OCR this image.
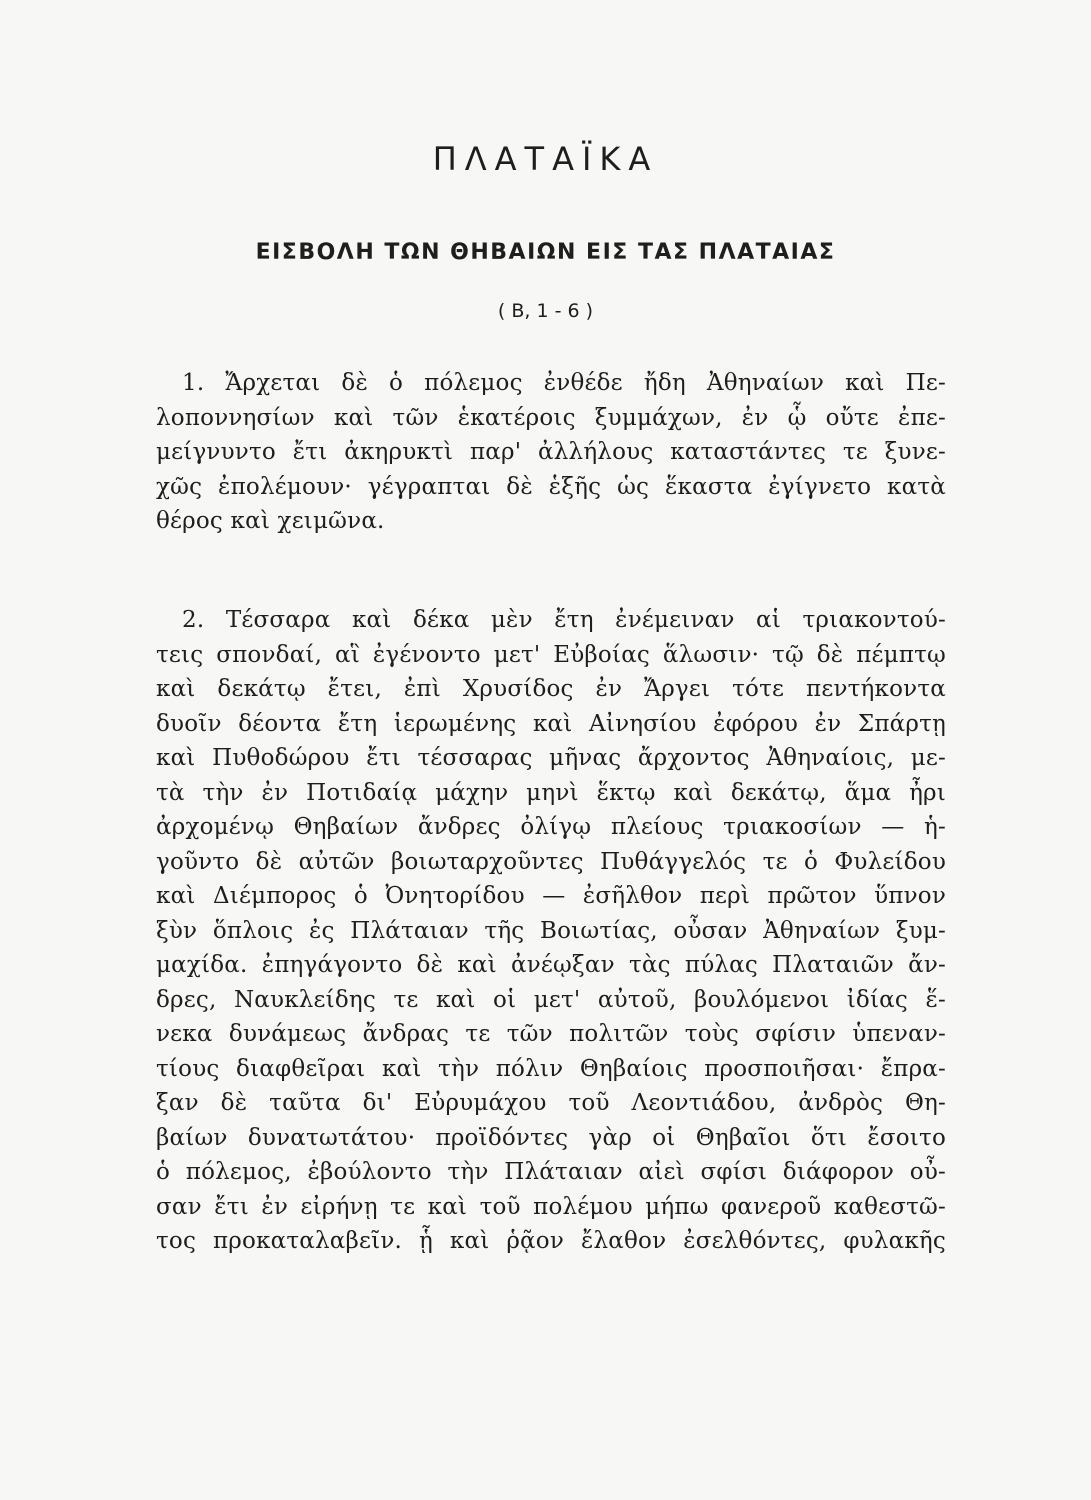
ΠΛΑΤΑΪΚΑ
ΕΙΣΒΟΛΗ ΤΩΝ ΘΗΒΑΙΩΝ ΕΙΣ ΤΑΣ ΠΛΑΤΑΙΑΣ
( Β, 1 - 6 )
1. Ἄρχεται δὲ ὁ πόλεμος ἐνθέδε ἤδη Ἀθηναίων καὶ Πε-
λοποννησίων καὶ τῶν ἑκατέροις ξυμμάχων, ἐν ᾧ οὔτε ἐπε-
μείγνυντο ἔτι ἀκηρυκτὶ παρ' ἀλλήλους καταστάντες τε ξυνε-
χῶς ἐπολέμουν· γέγραπται δὲ ἑξῆς ὡς ἕκαστα ἐγίγνετο κατὰ
θέρος καὶ χειμῶνα.
2. Τέσσαρα καὶ δέκα μὲν ἔτη ἐνέμειναν αἱ τριακοντού-
τεις σπονδαί, αἳ ἐγένοντο μετ' Εὐβοίας ἅλωσιν· τῷ δὲ πέμπτῳ
καὶ δεκάτῳ ἔτει, ἐπὶ Χρυσίδος ἐν Ἄργει τότε πεντήκοντα
δυοῖν δέοντα ἔτη ἱερωμένης καὶ Αἰνησίου ἐφόρου ἐν Σπάρτῃ
καὶ Πυθοδώρου ἔτι τέσσαρας μῆνας ἄρχοντος Ἀθηναίοις, με-
τὰ τὴν ἐν Ποτιδαίᾳ μάχην μηνὶ ἕκτῳ καὶ δεκάτῳ, ἅμα ἦρι
ἀρχομένῳ Θηβαίων ἄνδρες ὀλίγῳ πλείους τριακοσίων — ἡ-
γοῦντο δὲ αὐτῶν βοιωταρχοῦντες Πυθάγγελός τε ὁ Φυλείδου
καὶ Διέμπορος ὁ Ὀνητορίδου — ἐσῆλθον περὶ πρῶτον ὕπνον
ξὺν ὅπλοις ἐς Πλάταιαν τῆς Βοιωτίας, οὖσαν Ἀθηναίων ξυμ-
μαχίδα. ἐπηγάγοντο δὲ καὶ ἀνέῳξαν τὰς πύλας Πλαταιῶν ἄν-
δρες, Ναυκλείδης τε καὶ οἱ μετ' αὐτοῦ, βουλόμενοι ἰδίας ἕ-
νεκα δυνάμεως ἄνδρας τε τῶν πολιτῶν τοὺς σφίσιν ὑπεναν-
τίους διαφθεῖραι καὶ τὴν πόλιν Θηβαίοις προσποιῆσαι· ἔπρα-
ξαν δὲ ταῦτα δι' Εὐρυμάχου τοῦ Λεοντιάδου, ἀνδρὸς Θη-
βαίων δυνατωτάτου· προϊδόντες γὰρ οἱ Θηβαῖοι ὅτι ἔσοιτο
ὁ πόλεμος, ἐβούλοντο τὴν Πλάταιαν αἰεὶ σφίσι διάφορον οὖ-
σαν ἔτι ἐν εἰρήνῃ τε καὶ τοῦ πολέμου μήπω φανεροῦ καθεστῶ-
τος προκαταλαβεῖν. ᾗ καὶ ῥᾷον ἔλαθον ἐσελθόντες, φυλακῆς
